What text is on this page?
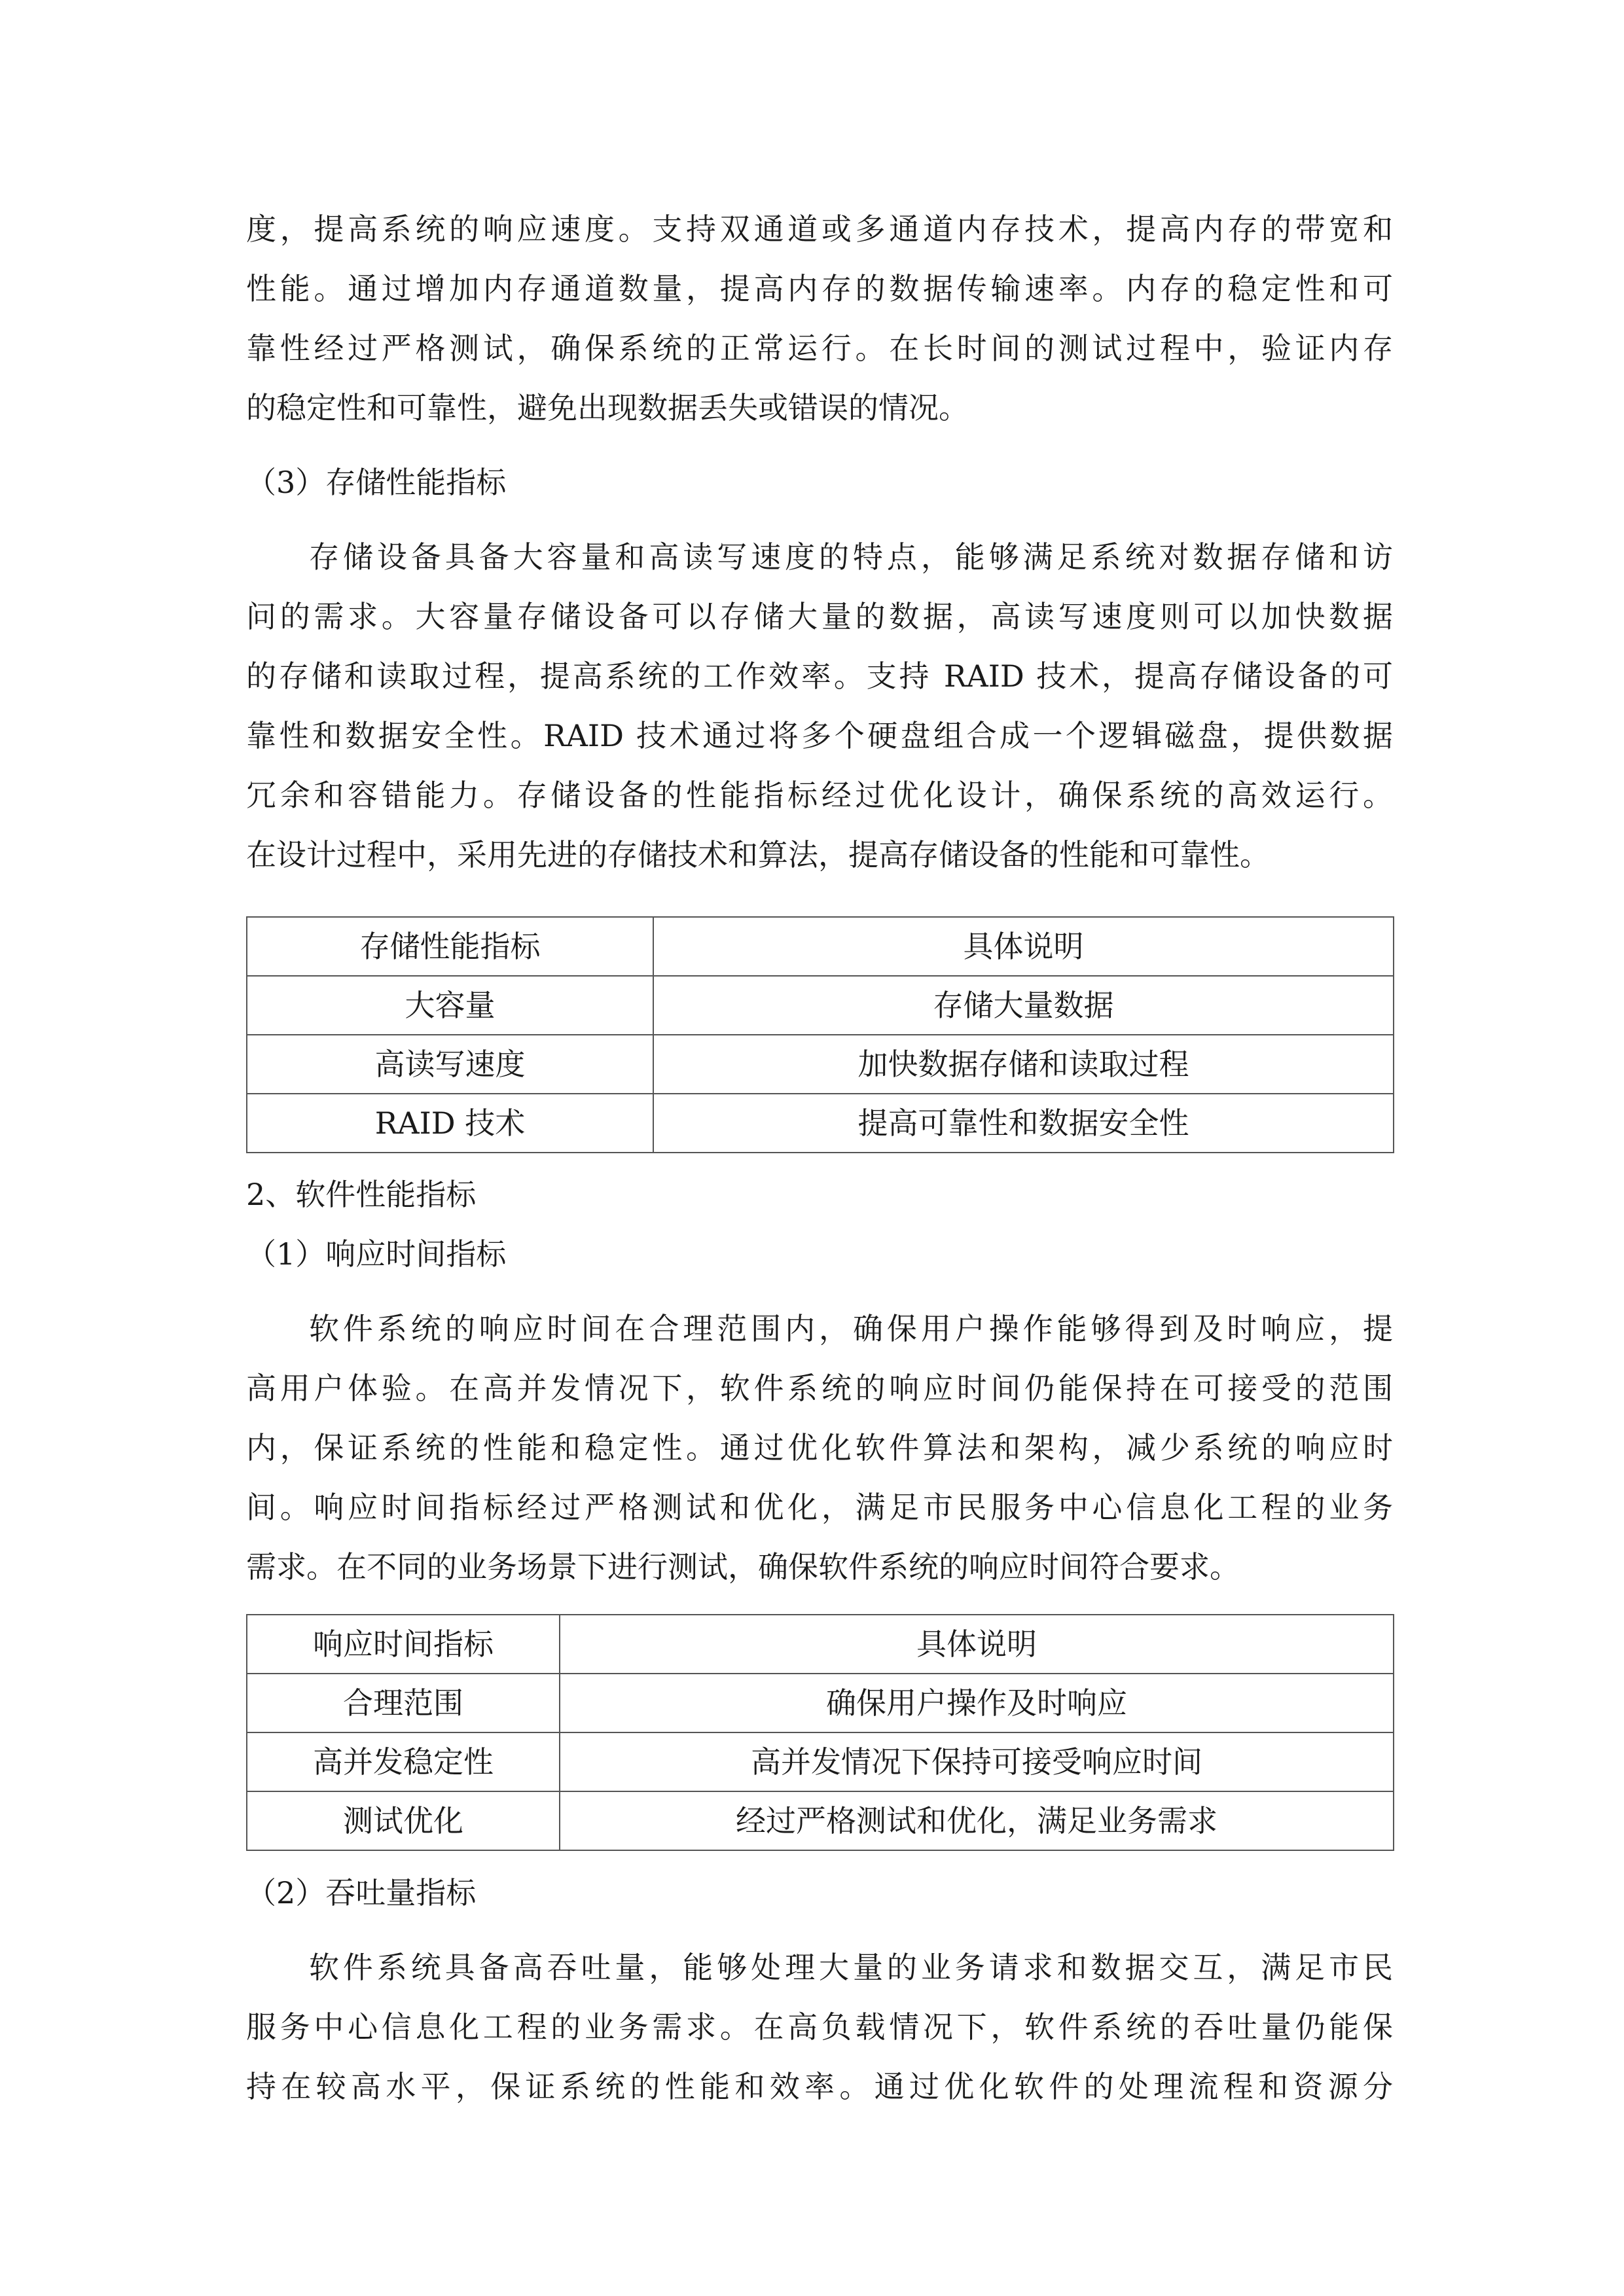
度，提高系统的响应速度。支持双通道或多通道内存技术，提高内存的带宽和
性能。通过增加内存通道数量，提高内存的数据传输速率。内存的稳定性和可
靠性经过严格测试，确保系统的正常运行。在长时间的测试过程中，验证内存
的稳定性和可靠性，避免出现数据丢失或错误的情况。
（3）存储性能指标
存储设备具备大容量和高读写速度的特点，能够满足系统对数据存储和访
问的需求。大容量存储设备可以存储大量的数据，高读写速度则可以加快数据
的存储和读取过程，提高系统的工作效率。支持 RAID 技术，提高存储设备的可
靠性和数据安全性。RAID 技术通过将多个硬盘组合成一个逻辑磁盘，提供数据
冗余和容错能力。存储设备的性能指标经过优化设计，确保系统的高效运行。
在设计过程中，采用先进的存储技术和算法，提高存储设备的性能和可靠性。
存储性能指标	具体说明
大容量	存储大量数据
高读写速度	加快数据存储和读取过程
RAID 技术	提高可靠性和数据安全性
2、软件性能指标
（1）响应时间指标
软件系统的响应时间在合理范围内，确保用户操作能够得到及时响应，提
高用户体验。在高并发情况下，软件系统的响应时间仍能保持在可接受的范围
内，保证系统的性能和稳定性。通过优化软件算法和架构，减少系统的响应时
间。响应时间指标经过严格测试和优化，满足市民服务中心信息化工程的业务
需求。在不同的业务场景下进行测试，确保软件系统的响应时间符合要求。
响应时间指标	具体说明
合理范围	确保用户操作及时响应
高并发稳定性	高并发情况下保持可接受响应时间
测试优化	经过严格测试和优化，满足业务需求
（2）吞吐量指标
软件系统具备高吞吐量，能够处理大量的业务请求和数据交互，满足市民
服务中心信息化工程的业务需求。在高负载情况下，软件系统的吞吐量仍能保
持在较高水平，保证系统的性能和效率。通过优化软件的处理流程和资源分
